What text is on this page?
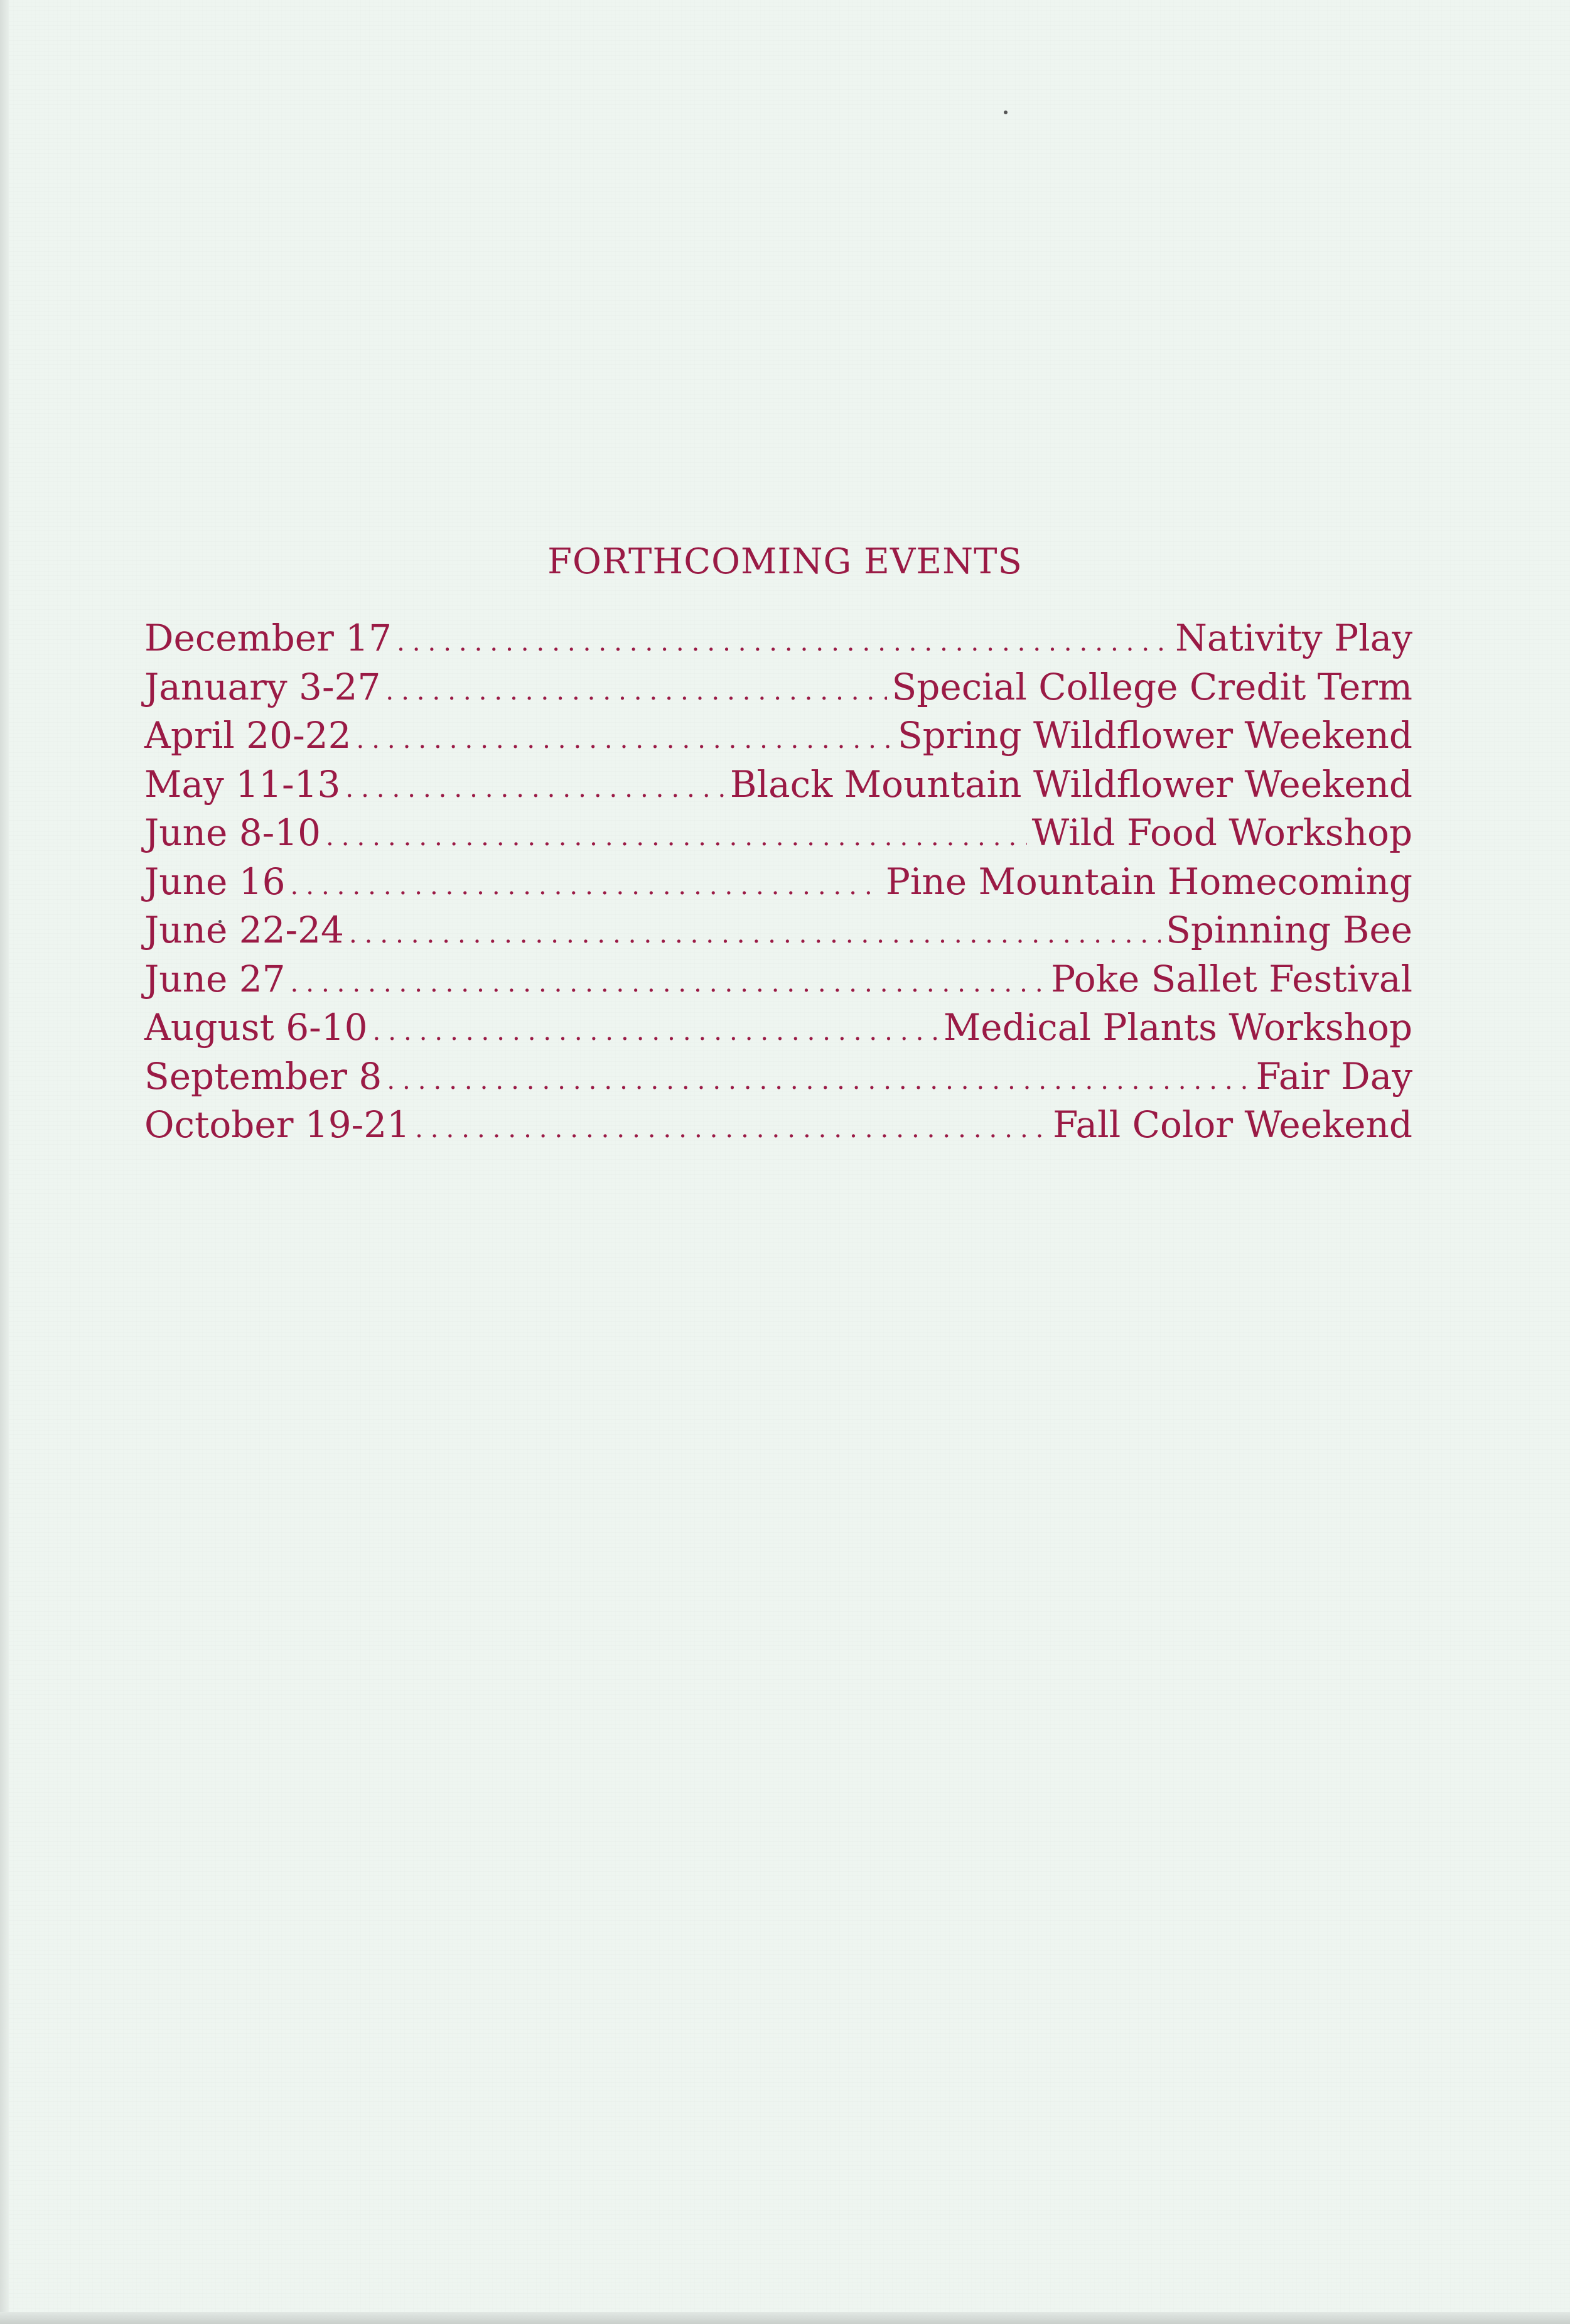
FORTHCOMING EVENTS
December 17 .....	Nativity Play
January 3-27 .....	Special College Credit Term
April 20-22 .....	Spring Wildflower Weekend
May 11-13 .....	Black Mountain Wildflower Weekend
June 8-10 .....	Wild Food Workshop
June 16 .....	Pine Mountain Homecoming
June 22-24 .....	Spinning Bee
June 27 .....	Poke Sallet Festival
August 6-10 .....	Medical Plants Workshop
September 8 .....	Fair Day
October 19-21 .....	Fall Color Weekend
